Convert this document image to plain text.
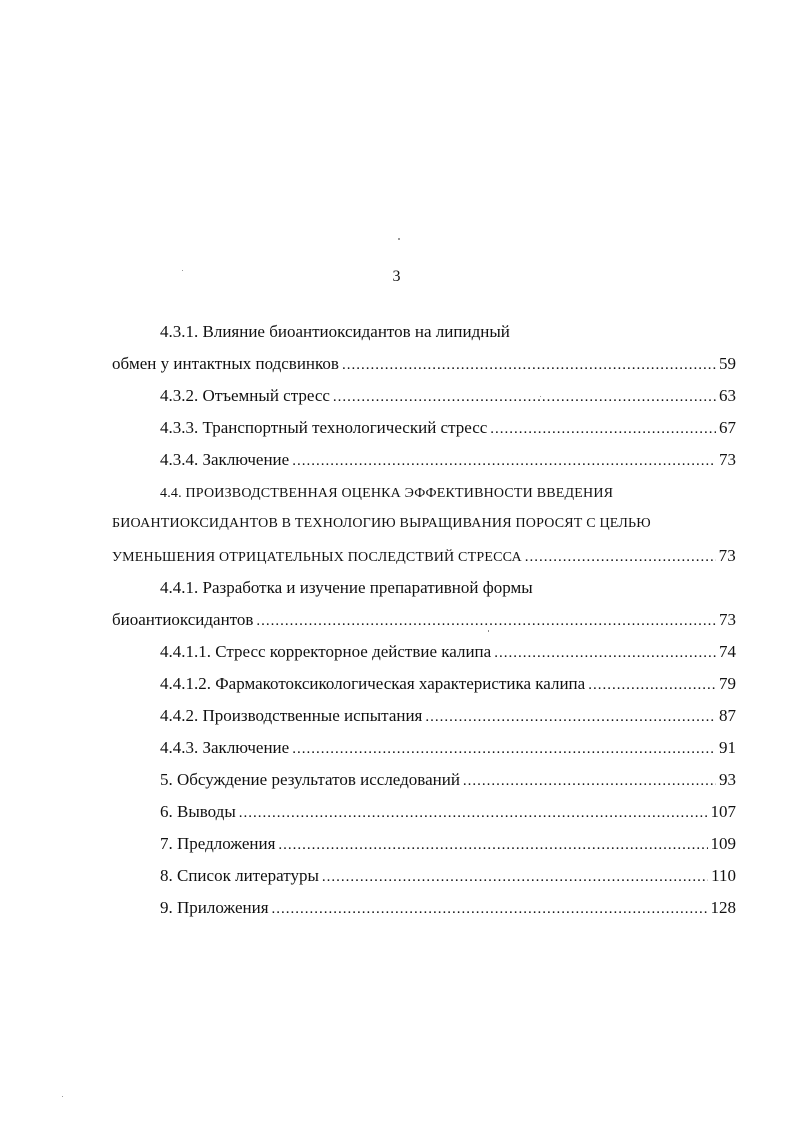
3
4.3.1. Влияние биоантиоксидантов на липидный
обмен у интактных подсвинков .....	59
4.3.2. Отъемный стресс .....	63
4.3.3. Транспортный технологический стресс .....	67
4.3.4. Заключение .....	73
4.4. ПРОИЗВОДСТВЕННАЯ ОЦЕНКА ЭФФЕКТИВНОСТИ ВВЕДЕНИЯ
БИОАНТИОКСИДАНТОВ В ТЕХНОЛОГИЮ ВЫРАЩИВАНИЯ ПОРОСЯТ С ЦЕЛЬЮ
УМЕНЬШЕНИЯ ОТРИЦАТЕЛЬНЫХ ПОСЛЕДСТВИЙ СТРЕССА .....	73
4.4.1. Разработка и изучение препаративной формы
биоантиоксидантов .....	73
4.4.1.1. Стресс корректорное действие калипа .....	74
4.4.1.2. Фармакотоксикологическая характеристика калипа .....	79
4.4.2. Производственные испытания .....	87
4.4.3. Заключение .....	91
5. Обсуждение результатов исследований .....	93
6. Выводы .....	107
7. Предложения .....	109
8. Список литературы .....	110
9. Приложения .....	128
